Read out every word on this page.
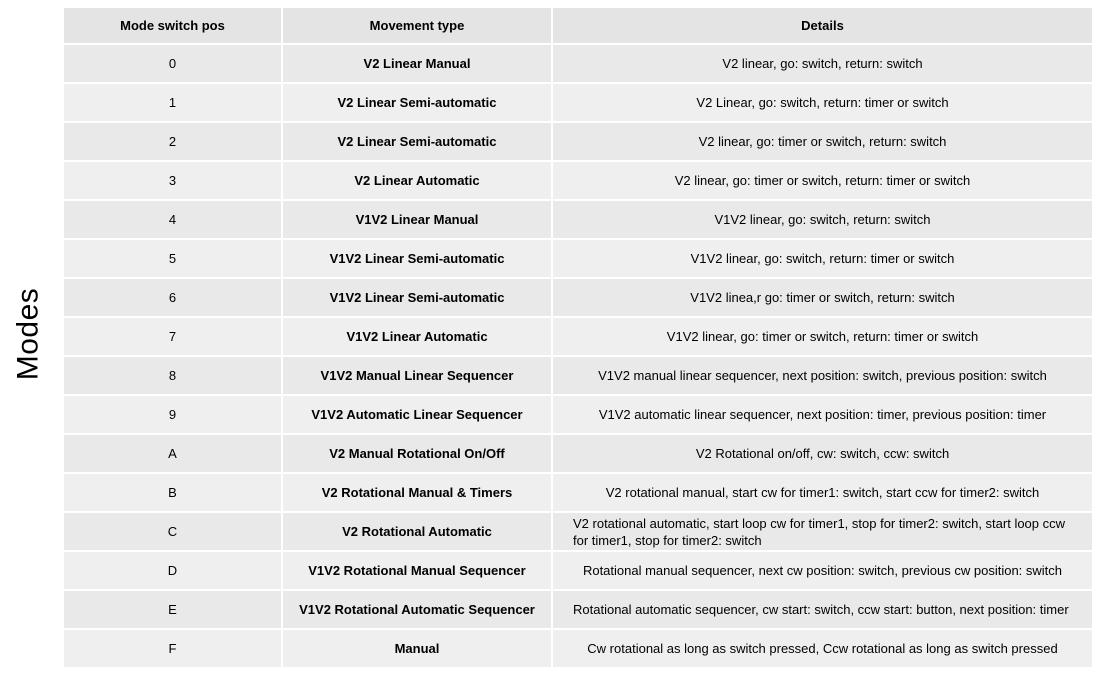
Modes
Mode switch pos	Movement type	Details
0	V2 Linear Manual	V2 linear, go: switch, return: switch
1	V2 Linear Semi-automatic	V2 Linear, go: switch, return: timer or switch
2	V2 Linear Semi-automatic	V2 linear, go: timer or switch, return: switch
3	V2 Linear Automatic	V2 linear, go: timer or switch, return: timer or switch
4	V1V2 Linear Manual	V1V2 linear, go: switch, return: switch
5	V1V2 Linear Semi-automatic	V1V2 linear, go: switch, return: timer or switch
6	V1V2 Linear Semi-automatic	V1V2 linea,r go: timer or switch, return: switch
7	V1V2 Linear Automatic	V1V2 linear, go: timer or switch, return: timer or switch
8	V1V2 Manual Linear Sequencer	V1V2 manual linear sequencer, next position: switch, previous position: switch
9	V1V2 Automatic Linear Sequencer	V1V2 automatic linear sequencer, next position: timer, previous position: timer
A	V2 Manual Rotational On/Off	V2 Rotational on/off, cw: switch, ccw: switch
B	V2 Rotational Manual & Timers	V2 rotational manual, start cw for timer1: switch, start ccw for timer2: switch
C	V2 Rotational Automatic	V2 rotational automatic, start loop cw for timer1, stop for timer2: switch, start loop ccw for timer1, stop for timer2: switch
D	V1V2 Rotational Manual Sequencer	Rotational manual sequencer, next cw position: switch, previous cw position: switch
E	V1V2 Rotational Automatic Sequencer	Rotational automatic sequencer, cw start: switch, ccw start: button, next position: timer
F	Manual	Cw rotational as long as switch pressed, Ccw rotational as long as switch pressed
